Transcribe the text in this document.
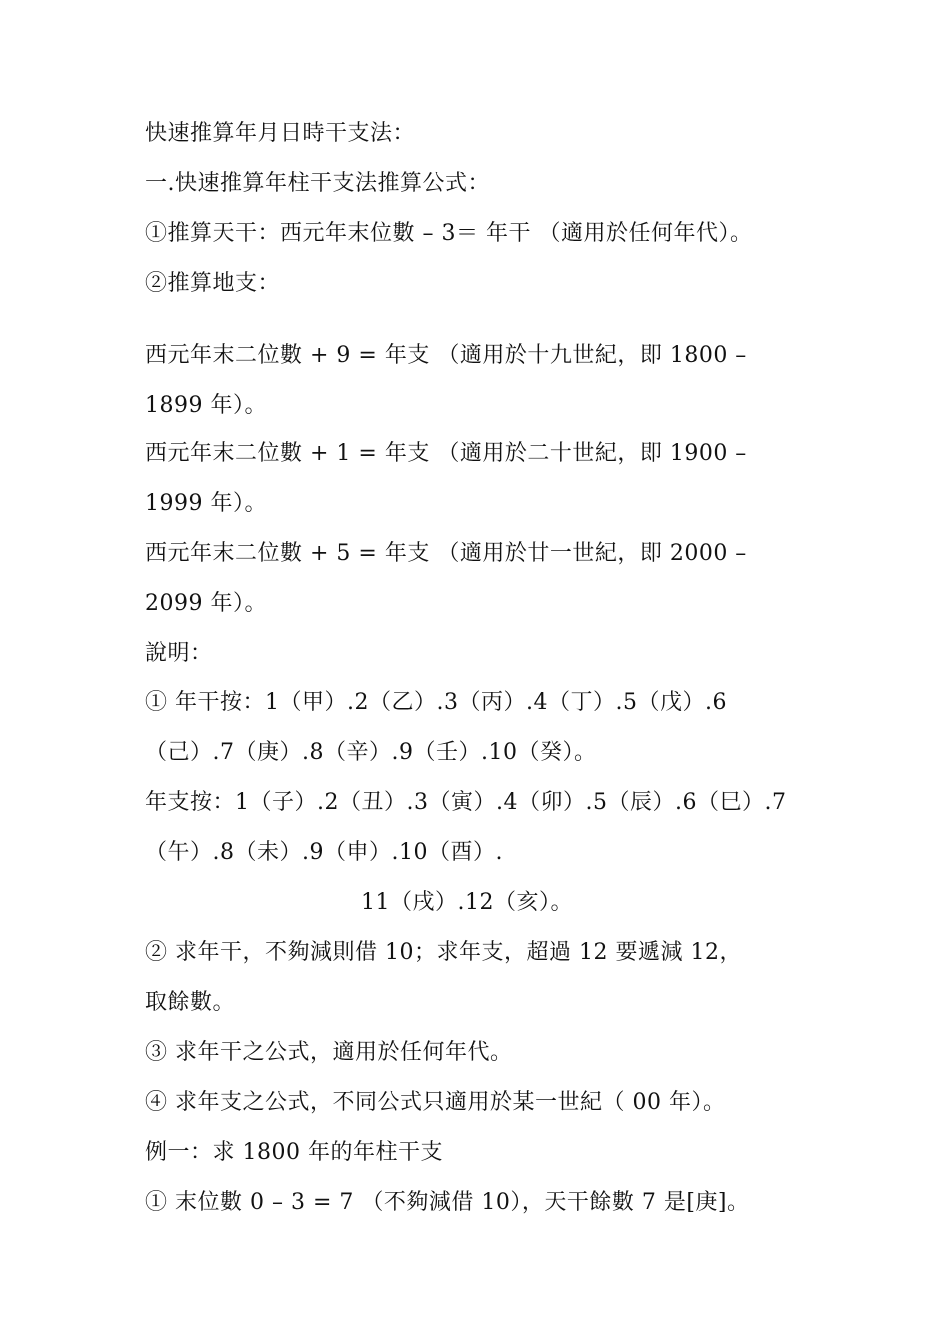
快速推算年月日時干支法：
一.快速推算年柱干支法推算公式：
①推算天干：西元年末位數 – 3＝ 年干 （適用於任何年代）。
②推算地支：
西元年末二位數 + 9 = 年支 （適用於十九世紀，即 1800 –
1899 年）。
西元年末二位數 + 1 = 年支 （適用於二十世紀，即 1900 –
1999 年）。
西元年末二位數 + 5 = 年支 （適用於廿一世紀，即 2000 –
2099 年）。
說明：
① 年干按：1（甲）.2（乙）.3（丙）.4（丁）.5（戊）.6
（己）.7（庚）.8（辛）.9（壬）.10（癸）。
年支按：1（子）.2（丑）.3（寅）.4（卯）.5（辰）.6（巳）.7
（午）.8（未）.9（申）.10（酉）.
11（戌）.12（亥）。
② 求年干，不夠減則借 10；求年支，超過 12 要遞減 12，
取餘數。
③ 求年干之公式，適用於任何年代。
④ 求年支之公式，不同公式只適用於某一世紀（ 00 年）。
例一：求 1800 年的年柱干支
① 末位數 0 – 3 = 7 （不夠減借 10），天干餘數 7 是[庚]。
